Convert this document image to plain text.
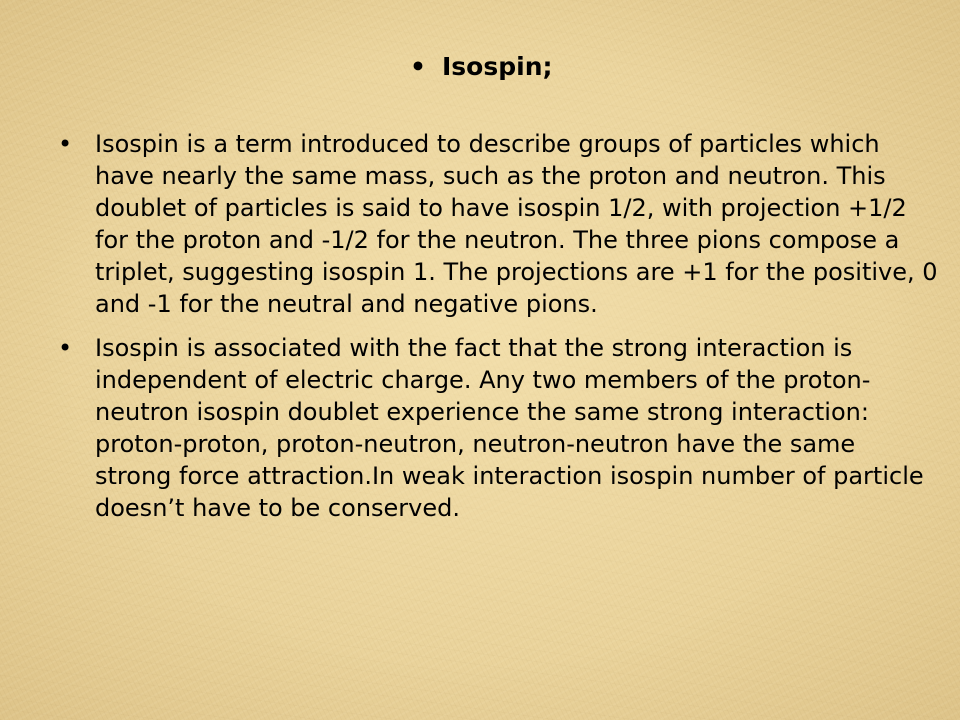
• Isospin;
• Isospin is a term introduced to describe groups of particles which have nearly the same mass, such as the proton and neutron. This doublet of particles is said to have isospin 1/2, with projection +1/2 for the proton and -1/2 for the neutron. The three pions compose a triplet, suggesting isospin 1. The projections are +1 for the positive, 0 and -1 for the neutral and negative pions.
• Isospin is associated with the fact that the strong interaction is independent of electric charge. Any two members of the proton-neutron isospin doublet experience the same strong interaction: proton-proton, proton-neutron, neutron-neutron have the same strong force attraction.In weak interaction isospin number of particle doesn’t have to be conserved.
